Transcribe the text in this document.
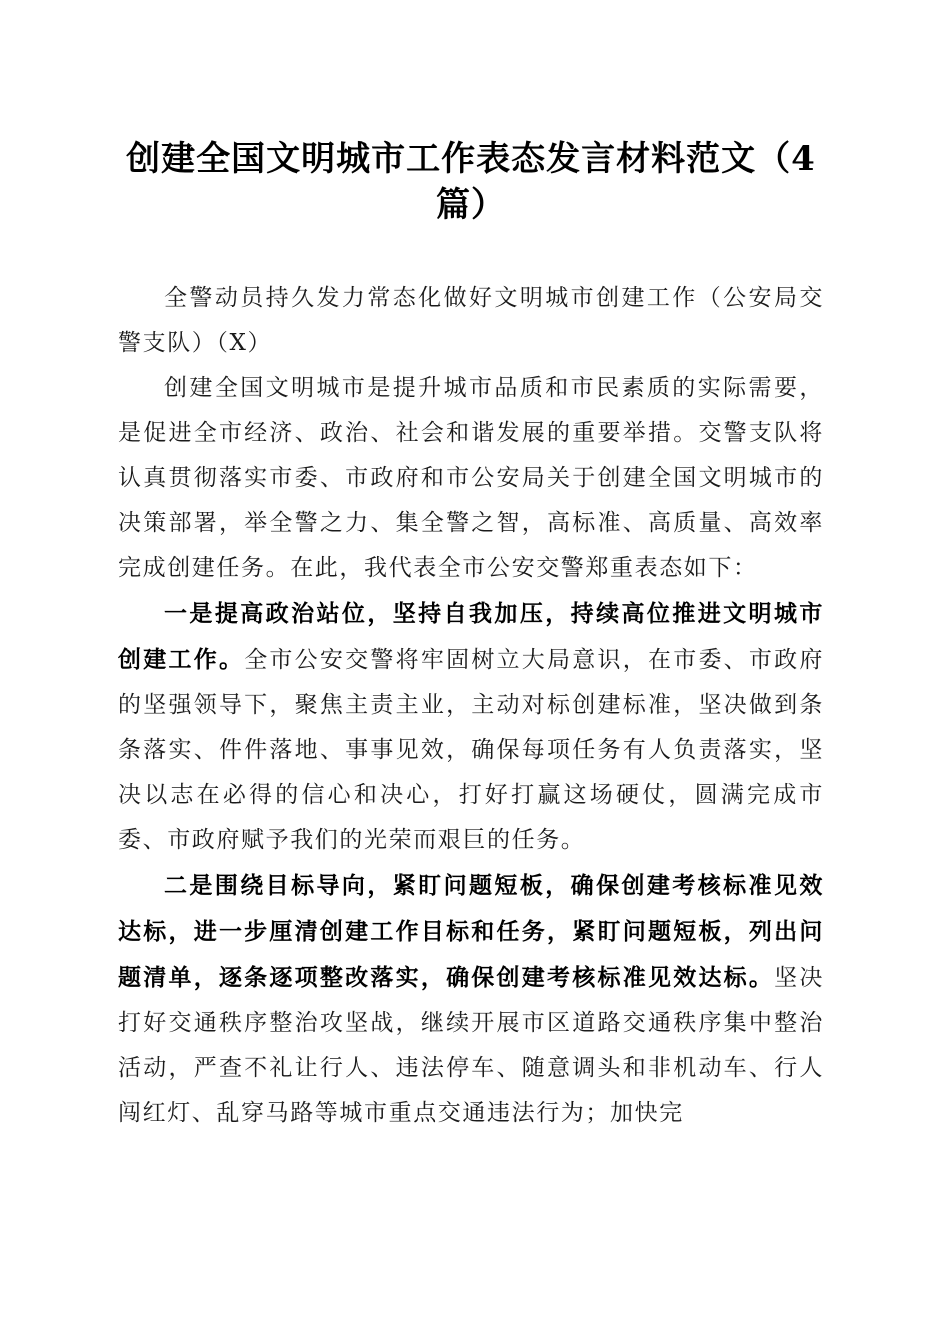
创建全国文明城市工作表态发言材料范文（4篇）

全警动员持久发力常态化做好文明城市创建工作（公安局交警支队）（X）

创建全国文明城市是提升城市品质和市民素质的实际需要，是促进全市经济、政治、社会和谐发展的重要举措。交警支队将认真贯彻落实市委、市政府和市公安局关于创建全国文明城市的决策部署，举全警之力、集全警之智，高标准、高质量、高效率完成创建任务。在此，我代表全市公安交警郑重表态如下：

一是提高政治站位，坚持自我加压，持续高位推进文明城市创建工作。全市公安交警将牢固树立大局意识，在市委、市政府的坚强领导下，聚焦主责主业，主动对标创建标准，坚决做到条条落实、件件落地、事事见效，确保每项任务有人负责落实，坚决以志在必得的信心和决心，打好打赢这场硬仗，圆满完成市委、市政府赋予我们的光荣而艰巨的任务。

二是围绕目标导向，紧盯问题短板，确保创建考核标准见效达标，进一步厘清创建工作目标和任务，紧盯问题短板，列出问题清单，逐条逐项整改落实，确保创建考核标准见效达标。坚决打好交通秩序整治攻坚战，继续开展市区道路交通秩序集中整治活动，严查不礼让行人、违法停车、随意调头和非机动车、行人闯红灯、乱穿马路等城市重点交通违法行为；加快完
